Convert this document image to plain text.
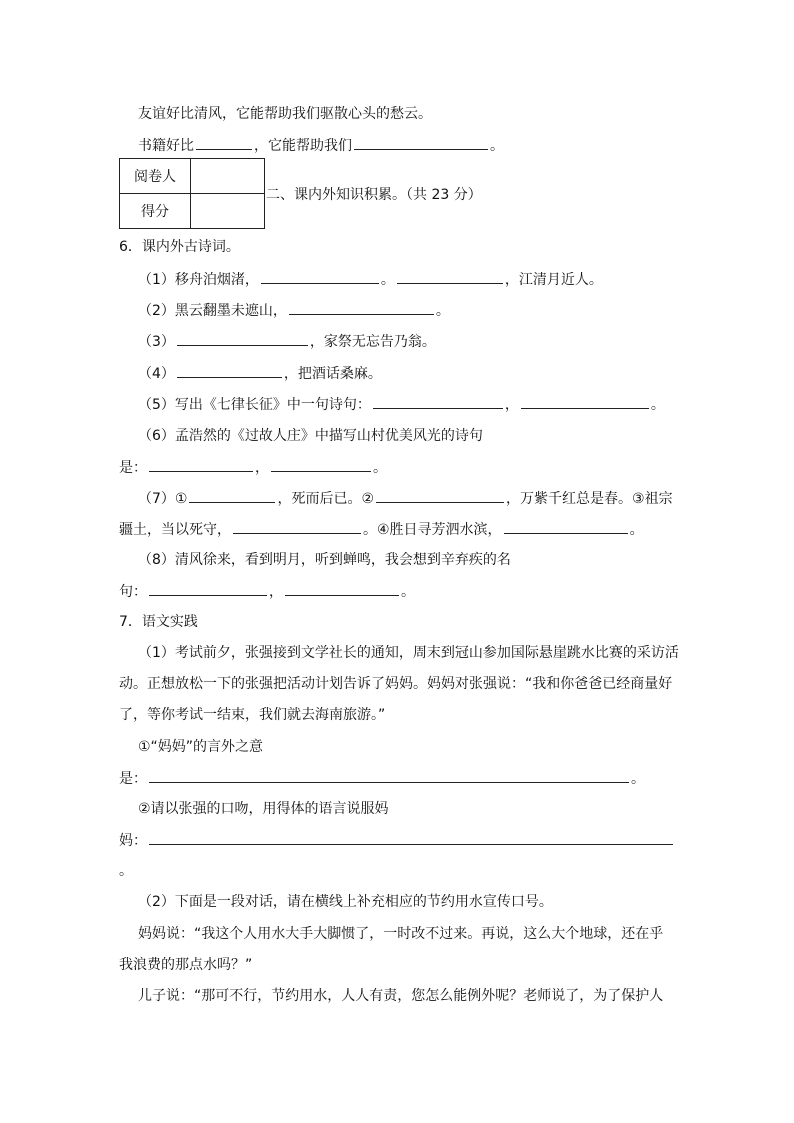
友谊好比清风，它能帮助我们驱散心头的愁云。
书籍好比	，它能帮助我们	。
阅卷人	
得分	
二、课内外知识积累。（共 23 分）
6．课内外古诗词。
（1）移舟泊烟渚，	。	，江清月近人。
（2）黑云翻墨未遮山，	。
（3）	，家祭无忘告乃翁。
（4）	，把酒话桑麻。
（5）写出《七律长征》中一句诗句：	，	。
（6）孟浩然的《过故人庄》中描写山村优美风光的诗句
是：	，	。
（7）①	，死而后已。②	，万紫千红总是春。③祖宗
疆土，当以死守，	。④胜日寻芳泗水滨，	。
（8）清风徐来，看到明月，听到蝉鸣，我会想到辛弃疾的名
句：	，	。
7．语文实践
（1）考试前夕，张强接到文学社长的通知，周末到冠山参加国际悬崖跳水比赛的采访活
动。正想放松一下的张强把活动计划告诉了妈妈。妈妈对张强说：“我和你爸爸已经商量好
了，等你考试一结束，我们就去海南旅游。”
①“妈妈”的言外之意
是：	。
②请以张强的口吻，用得体的语言说服妈
妈：
。
（2）下面是一段对话，请在横线上补充相应的节约用水宣传口号。
妈妈说：“我这个人用水大手大脚惯了，一时改不过来。再说，这么大个地球，还在乎
我浪费的那点水吗？”
儿子说：“那可不行，节约用水，人人有责，您怎么能例外呢？老师说了，为了保护人
